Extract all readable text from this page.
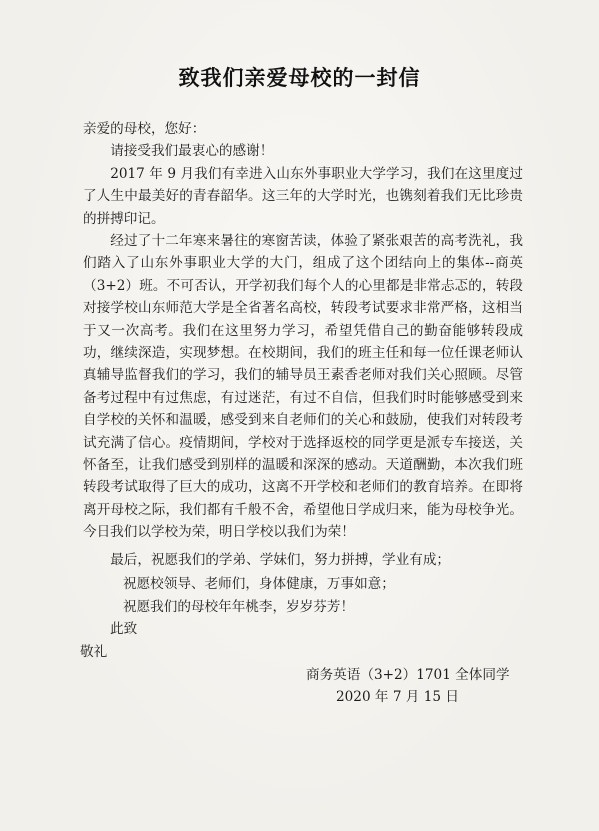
致我们亲爱母校的一封信
亲爱的母校，您好：
请接受我们最衷心的感谢！
2017 年 9 月我们有幸进入山东外事职业大学学习，我们在这里度过了人生中最美好的青春韶华。这三年的大学时光，也镌刻着我们无比珍贵的拼搏印记。
经过了十二年寒来暑往的寒窗苦读，体验了紧张艰苦的高考洗礼，我们踏入了山东外事职业大学的大门，组成了这个团结向上的集体--商英（3+2）班。不可否认，开学初我们每个人的心里都是非常忐忑的，转段对接学校山东师范大学是全省著名高校，转段考试要求非常严格，这相当于又一次高考。我们在这里努力学习，希望凭借自己的勤奋能够转段成功，继续深造，实现梦想。在校期间，我们的班主任和每一位任课老师认真辅导监督我们的学习，我们的辅导员王素香老师对我们关心照顾。尽管备考过程中有过焦虑，有过迷茫，有过不自信，但我们时时能够感受到来自学校的关怀和温暖，感受到来自老师们的关心和鼓励，使我们对转段考试充满了信心。疫情期间，学校对于选择返校的同学更是派专车接送，关怀备至，让我们感受到别样的温暖和深深的感动。天道酬勤，本次我们班转段考试取得了巨大的成功，这离不开学校和老师们的教育培养。在即将离开母校之际，我们都有千般不舍，希望他日学成归来，能为母校争光。今日我们以学校为荣，明日学校以我们为荣！
最后，祝愿我们的学弟、学妹们，努力拼搏，学业有成；
祝愿校领导、老师们，身体健康，万事如意；
祝愿我们的母校年年桃李，岁岁芬芳！
此致
敬礼
商务英语（3+2）1701 全体同学
2020 年 7 月 15 日
